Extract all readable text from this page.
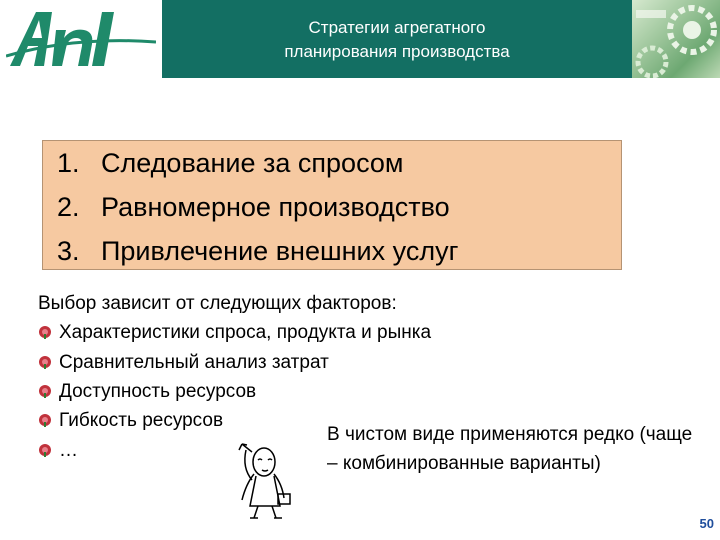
Стратегии агрегатного
планирования производства
1. Следование за спросом
2. Равномерное производство
3. Привлечение внешних услуг
Выбор зависит от следующих факторов:
Характеристики спроса, продукта и рынка
Сравнительный анализ затрат
Доступность ресурсов
Гибкость ресурсов
…
В чистом виде применяются редко (чаще – комбинированные варианты)
50
